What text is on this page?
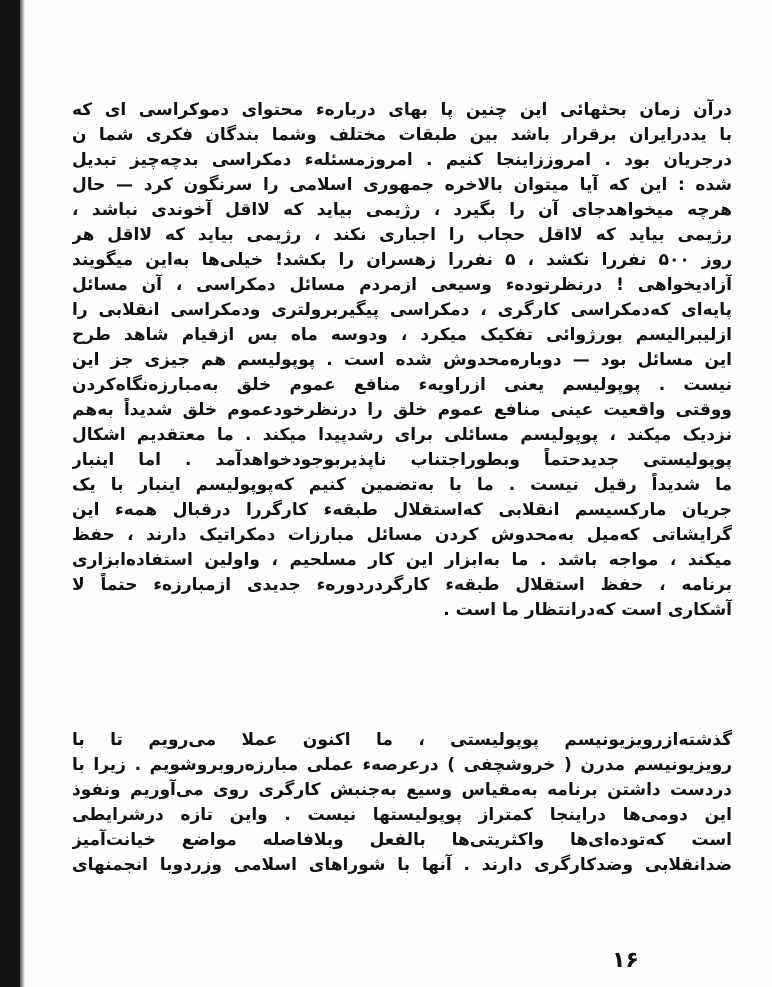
درآن زمان بحثهائی این چنین پا بهای درباره‌ء محتوای دموکراسی ای که
با یددرایران برقرار باشد بین طبقات مختلف وشما بندگان فکری شما ن
درجریان بود . امروززاینجا کنیم . امروزمسئلهء دمکراسی بدچه‌چیز تبدیل
شده : این که آیا میتوان بالاخره جمهوری اسلامی را سرنگون کرد — حال
هرچه میخواهدجای آن را بگیرد ، رژیمی بیاید که لااقل آخوندی نباشد ،
رژیمی بیاید که لااقل حجاب را اجباری نکند ، رژیمی بیاید که لااقل هر
روز ۵۰۰ نفررا نکشد ، ۵ نفررا زهسران را بکشد! خیلی‌ها به‌این میگویند
آزادیخواهی ! درنظرتوده‌ء وسیعی ازمردم مسائل دمکراسی ، آن مسائل
پایه‌ای که‌دمکراسی کارگری ، دمکراسی پیگیربرولتری ودمکراسی انقلابی را
ازلیبرالیسم بورژوائی تفکیک میکرد ، ودوسه ماه بس ازقیام شاهد طرح
این مسائل بود — دوباره‌محدوش شده است . پوپولیسم هم جیزی جز این
نیست . پوپولیسم یعنی ازراویه‌ء منافع عموم خلق به‌مبارزه‌نگاه‌کردن
ووقتی واقعیت عینی منافع عموم خلق را درنظرخودعموم خلق شدیداً به‌هم
نزدیک میکند ، پوپولیسم مسائلی برای رشدپیدا میکند . ما معتقدیم اشکال
پوپولیستی جدیدحتماً وبطوراجتناب ناپذیربوجودخواهدآمد . اما اینبار
ما شدیداً رقیل نیست . ما با به‌تضمین کنیم که‌پوپولیسم اینبار با یک
جریان مارکسیسم انقلابی که‌استقلال طبقه‌ء کارگررا درقبال همهء این
گرایشاتی که‌میل به‌محدوش کردن مسائل مبارزات دمکراتیک دارند ، حفظ
میکند ، مواجه باشد . ما به‌ابزار این کار مسلحیم ، واولین استفاده‌ابزاری
برنامه ، حفظ استقلال طبقه‌ء کارگردردوره‌ء جدیدی ازمبارزه‌ء حتماً لا
آشکاری است که‌درانتظار ما است .
گذشته‌ازرویزیونیسم پوپولیستی ، ما اکنون عملا می‌رویم تا با
رویزیونیسم مدرن ( خروشچفی ) درعرصه‌ء عملی مبارزه‌روبروشویم . زیرا با
دردست داشتن برنامه به‌مقیاس وسیع به‌جنبش کارگری روی می‌آوریم ونفوذ
این دومی‌ها دراینجا کمتراز پوپولیستها نیست . واین تازه درشرایطی
است که‌توده‌ای‌ها واکثریتی‌ها بالفعل وبلافاصله مواضع خیانت‌آمیز
ضدانقلابی وضدکارگری دارند . آنها با شوراهای اسلامی وزردوبا انجمنهای
۱۶
